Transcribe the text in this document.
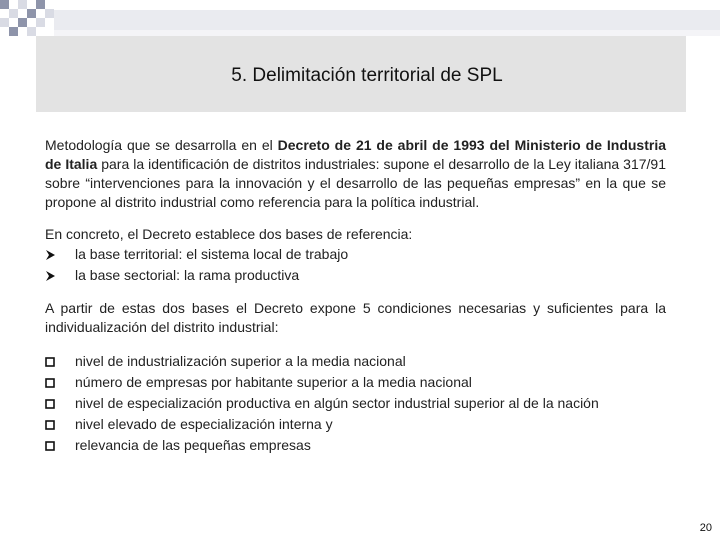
5. Delimitación territorial de SPL

Metodología que se desarrolla en el Decreto de 21 de abril de 1993 del Ministerio de Industria de Italia para la identificación de distritos industriales: supone el desarrollo de la Ley italiana 317/91 sobre “intervenciones para la innovación y el desarrollo de las pequeñas empresas” en la que se propone al distrito industrial como referencia para la política industrial.

En concreto, el Decreto establece dos bases de referencia:

la base territorial: el sistema local de trabajo
la base sectorial: la rama productiva

A partir de estas dos bases el Decreto expone 5 condiciones necesarias y suficientes para la individualización del distrito industrial:

nivel de industrialización superior a la media nacional
número de empresas por habitante superior a la media nacional
nivel de especialización productiva en algún sector industrial superior al de la nación
nivel elevado de especialización interna y
relevancia de las pequeñas empresas
20
